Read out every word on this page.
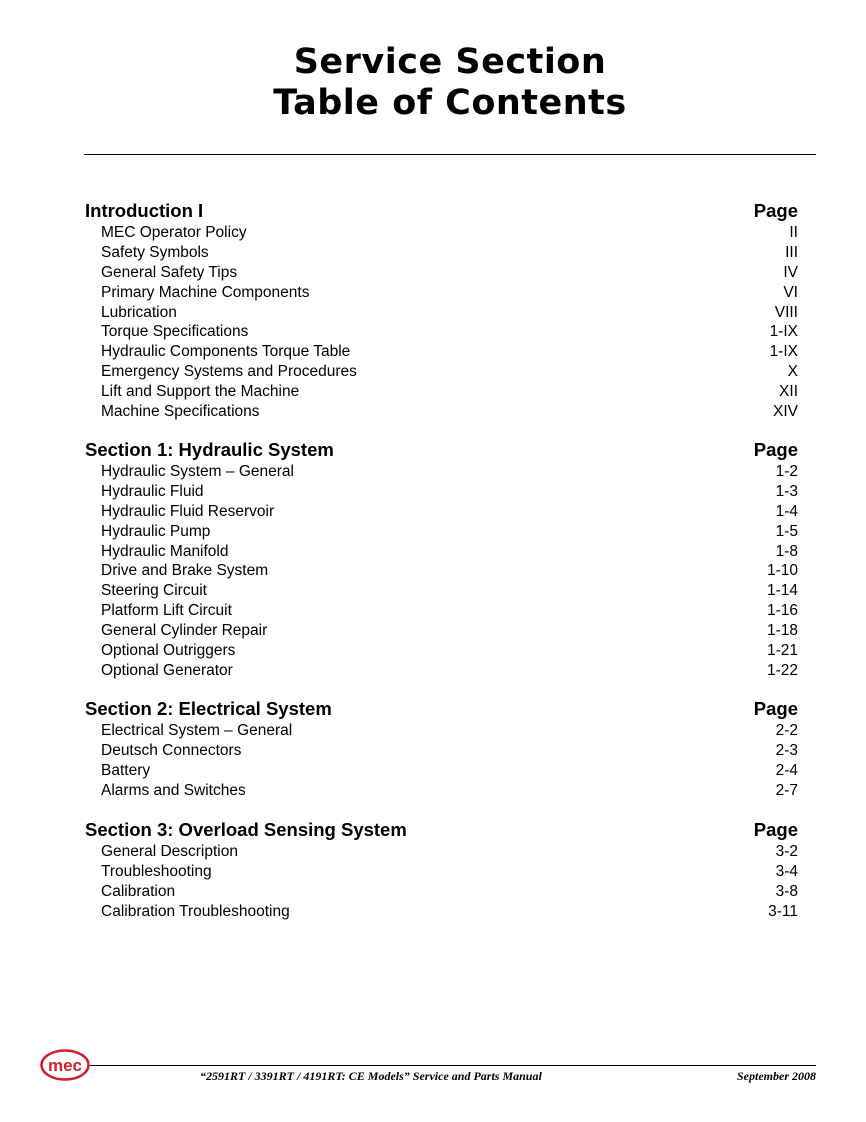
Service Section
Table of Contents
Introduction I	Page
MEC Operator Policy	II
Safety Symbols	III
General Safety Tips	IV
Primary Machine Components	VI
Lubrication	VIII
Torque Specifications	1-IX
Hydraulic Components Torque Table	1-IX
Emergency Systems and Procedures	X
Lift and Support the Machine	XII
Machine Specifications	XIV
Section 1: Hydraulic System	Page
Hydraulic System – General	1-2
Hydraulic Fluid	1-3
Hydraulic Fluid Reservoir	1-4
Hydraulic Pump	1-5
Hydraulic Manifold	1-8
Drive and Brake System	1-10
Steering Circuit	1-14
Platform Lift Circuit	1-16
General Cylinder Repair	1-18
Optional Outriggers	1-21
Optional Generator	1-22
Section 2: Electrical System	Page
Electrical System – General	2-2
Deutsch Connectors	2-3
Battery	2-4
Alarms and Switches	2-7
Section 3: Overload Sensing System	Page
General Description	3-2
Troubleshooting	3-4
Calibration	3-8
Calibration Troubleshooting	3-11
mec
“2591RT / 3391RT / 4191RT: CE Models” Service and Parts Manual	September 2008
